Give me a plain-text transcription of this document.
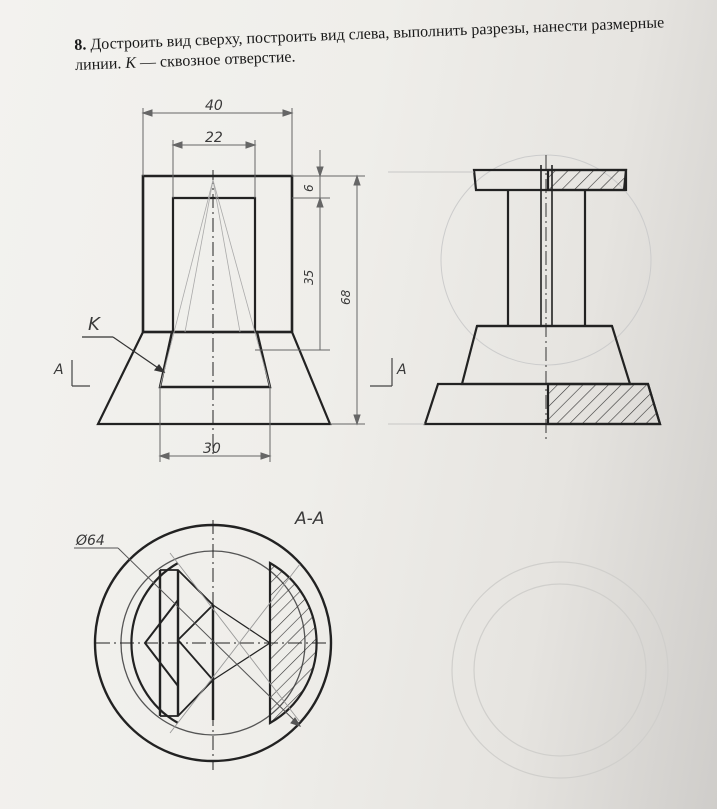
8. Достроить вид сверху, построить вид слева, выполнить разрезы, нанести размерные линии. K — сквозное отверстие.
40
22
6
35
68
30
K
A	A
A-A
Ø64
